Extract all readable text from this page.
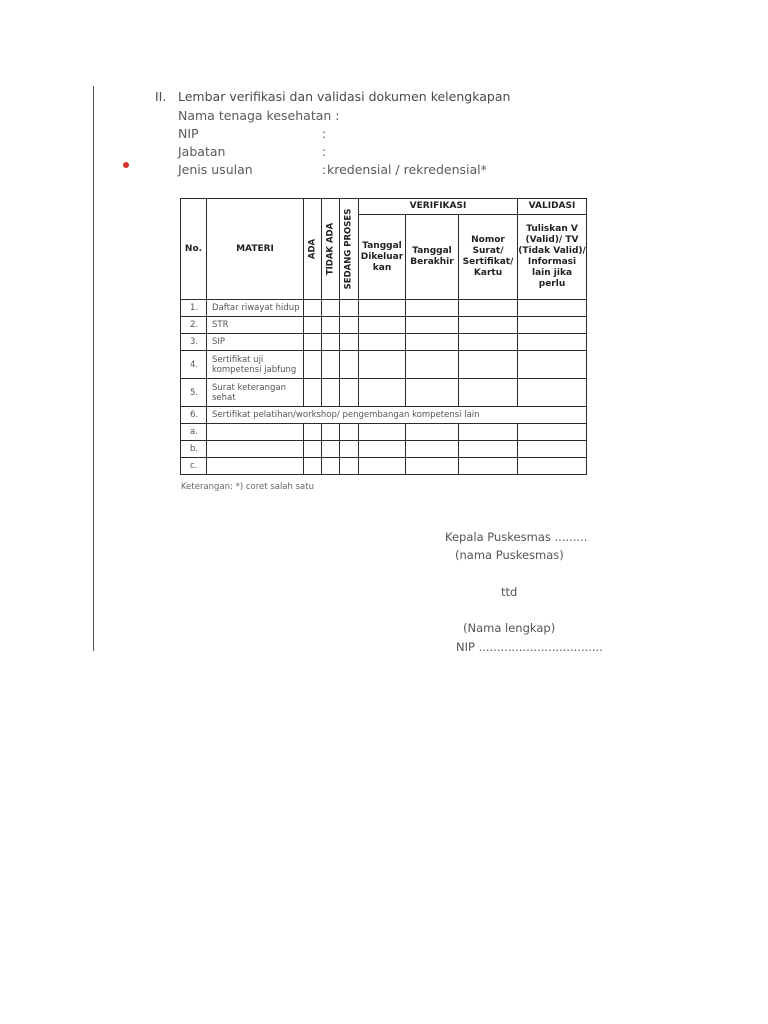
II. Lembar verifikasi dan validasi dokumen kelengkapan
Nama tenaga kesehatan :
NIP	:
Jabatan	:
Jenis usulan	: kredensial / rekredensial*
No.	MATERI	ADA	TIDAK ADA	SEDANG PROSES	VERIFIKASI			VALIDASI
					Tanggal Dikeluar kan	Tanggal Berakhir	Nomor Surat/ Sertifikat/ Kartu	Tuliskan V (Valid)/ TV (Tidak Valid)/ Informasi lain jika perlu
1.	Daftar riwayat hidup							
2.	STR							
3.	SIP							
4.	Sertifikat uji kompetensi jabfung							
5.	Surat keterangan sehat							
6.	Sertifikat pelatihan/workshop/ pengembangan kompetensi lain							
a.								
b.								
c.								
Keterangan: *) coret salah satu
Kepala Puskesmas .........
(nama Puskesmas)
ttd
(Nama lengkap)
NIP ..................................
